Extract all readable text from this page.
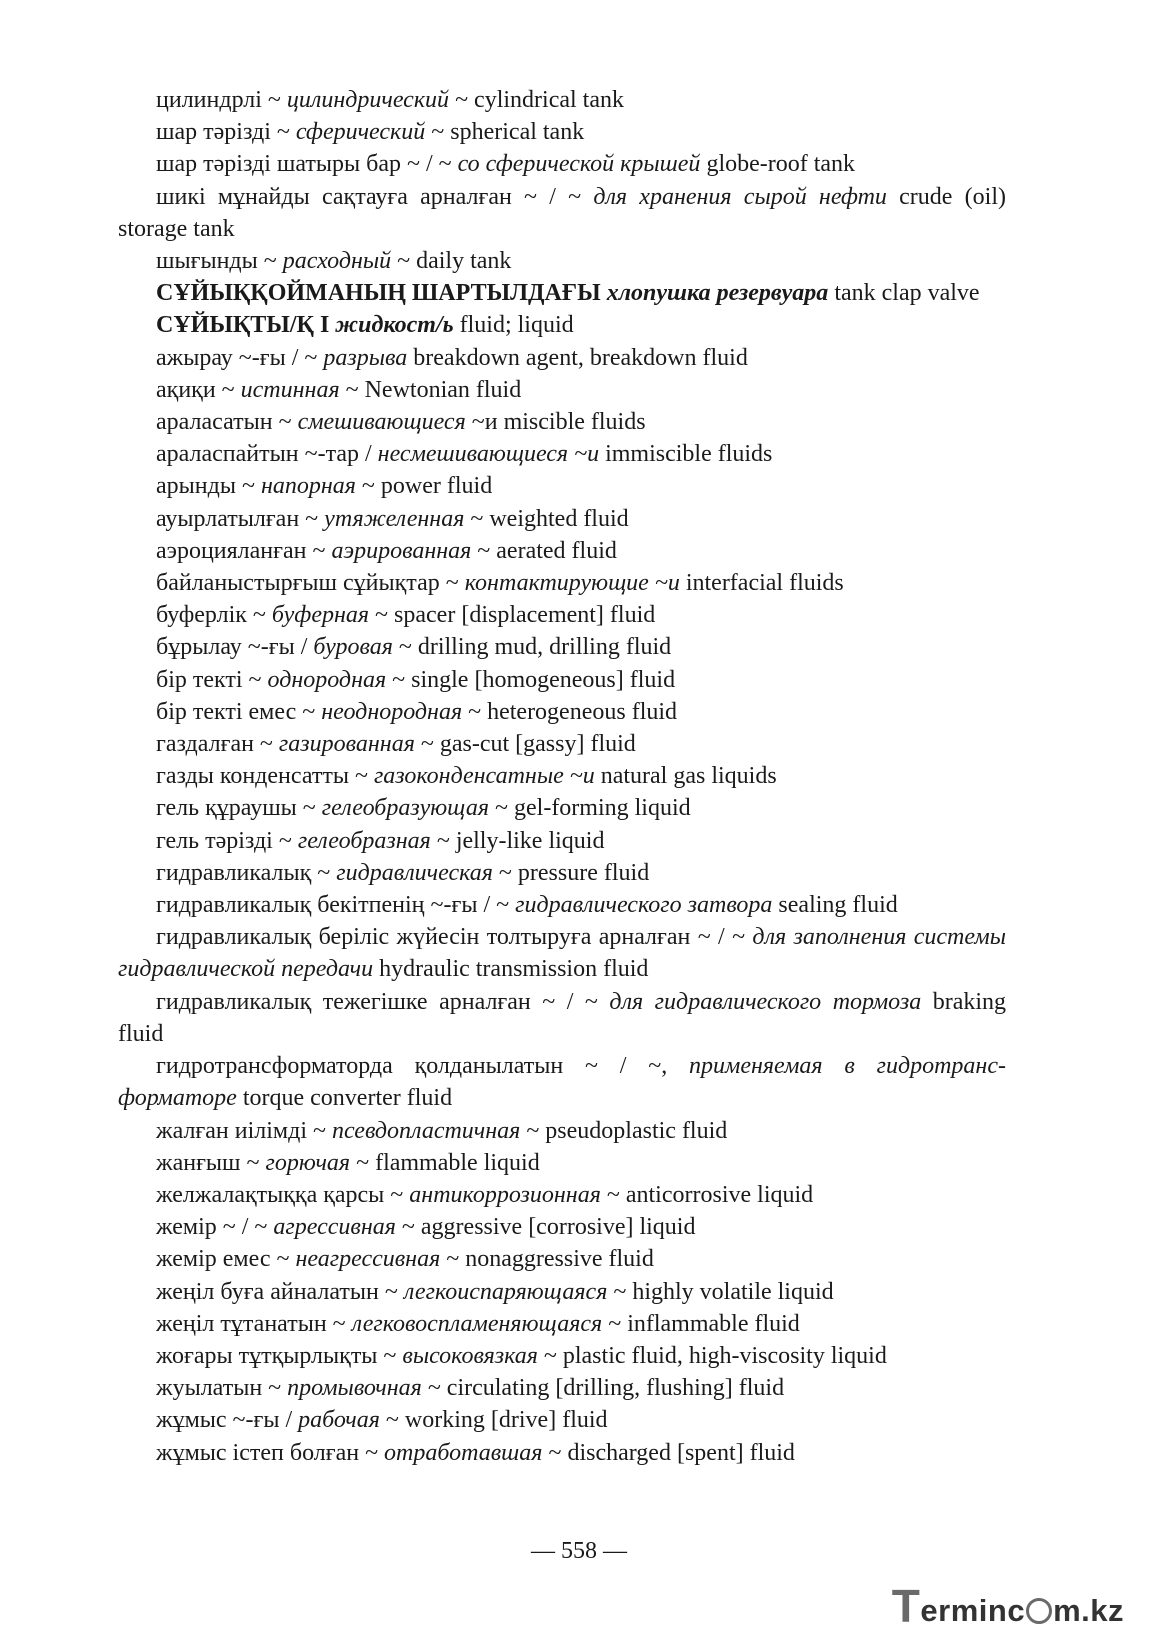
цилиндрлі ~ цилиндрический ~ cylindrical tank

шар тәрізді ~ сферический ~ spherical tank

шар тәрізді шатыры бар ~ / ~ со сферической крышей globe-roof tank

шикі мұнайды сақтауға арналған ~ / ~ для хранения сырой нефти crude (oil) storage tank

шығынды ~ расходный ~ daily tank

СҰЙЫҚҚОЙМАНЫҢ ШАРТЫЛДАҒЫ хлопушка резервуара tank clap valve

СҰЙЫҚТЫ/Қ I жидкост/ь fluid; liquid

ажырау ~-ғы / ~ разрыва breakdown agent, breakdown fluid

ақиқи ~ истинная ~ Newtonian fluid

араласатын ~ смешивающиеся ~и miscible fluids

араласпайтын ~-тар / несмешивающиеся ~и immiscible fluids

арынды ~ напорная ~ power fluid

ауырлатылған ~ утяжеленная ~ weighted fluid

аэроцияланған ~ аэрированная ~ aerated fluid

байланыстырғыш сұйықтар ~ контактирующие ~и interfacial fluids

буферлік ~ буферная ~ spacer [displacement] fluid

бұрылау ~-ғы / буровая ~ drilling mud, drilling fluid

бір текті ~ однородная ~ single [homogeneous] fluid

бір текті емес ~ неоднородная ~ heterogeneous fluid

газдалған ~ газированная ~ gas-cut [gassy] fluid

газды конденсатты ~ газоконденсатные ~и natural gas liquids

гель құраушы ~ гелеобразующая ~ gel-forming liquid

гель тәрізді ~ гелеобразная ~ jelly-like liquid

гидравликалық ~ гидравлическая ~ pressure fluid

гидравликалық бекітпенің ~-ғы / ~ гидравлического затвора sealing fluid

гидравликалық беріліс жүйесін толтыруға арналған ~ / ~ для заполнения системы гидравлической передачи hydraulic transmission fluid

гидравликалық тежегішке арналған ~ / ~ для гидравлического тормоза braking fluid

гидротрансформаторда қолданылатын ~ / ~, применяемая в гидротранс-форматоре torque converter fluid

жалған иілімді ~ псевдопластичная ~ pseudoplastic fluid

жанғыш ~ горючая ~ flammable liquid

желжалақтыққа қарсы ~ антикоррозионная ~ anticorrosive liquid

жемір ~ / ~ агрессивная ~ aggressive [corrosive] liquid

жемір емес ~ неагрессивная ~ nonaggressive fluid

жеңіл буға айналатын ~ легкоиспаряющаяся ~ highly volatile liquid

жеңіл тұтанатын ~ легковоспламеняющаяся ~ inflammable fluid

жоғары тұтқырлықты ~ высоковязкая ~ plastic fluid, high-viscosity liquid

жуылатын ~ промывочная ~ circulating [drilling, flushing] fluid

жұмыс ~-ғы / рабочая ~ working [drive] fluid

жұмыс істеп болған ~ отработавшая ~ discharged [spent] fluid

— 558 —
T erminc m.kz
